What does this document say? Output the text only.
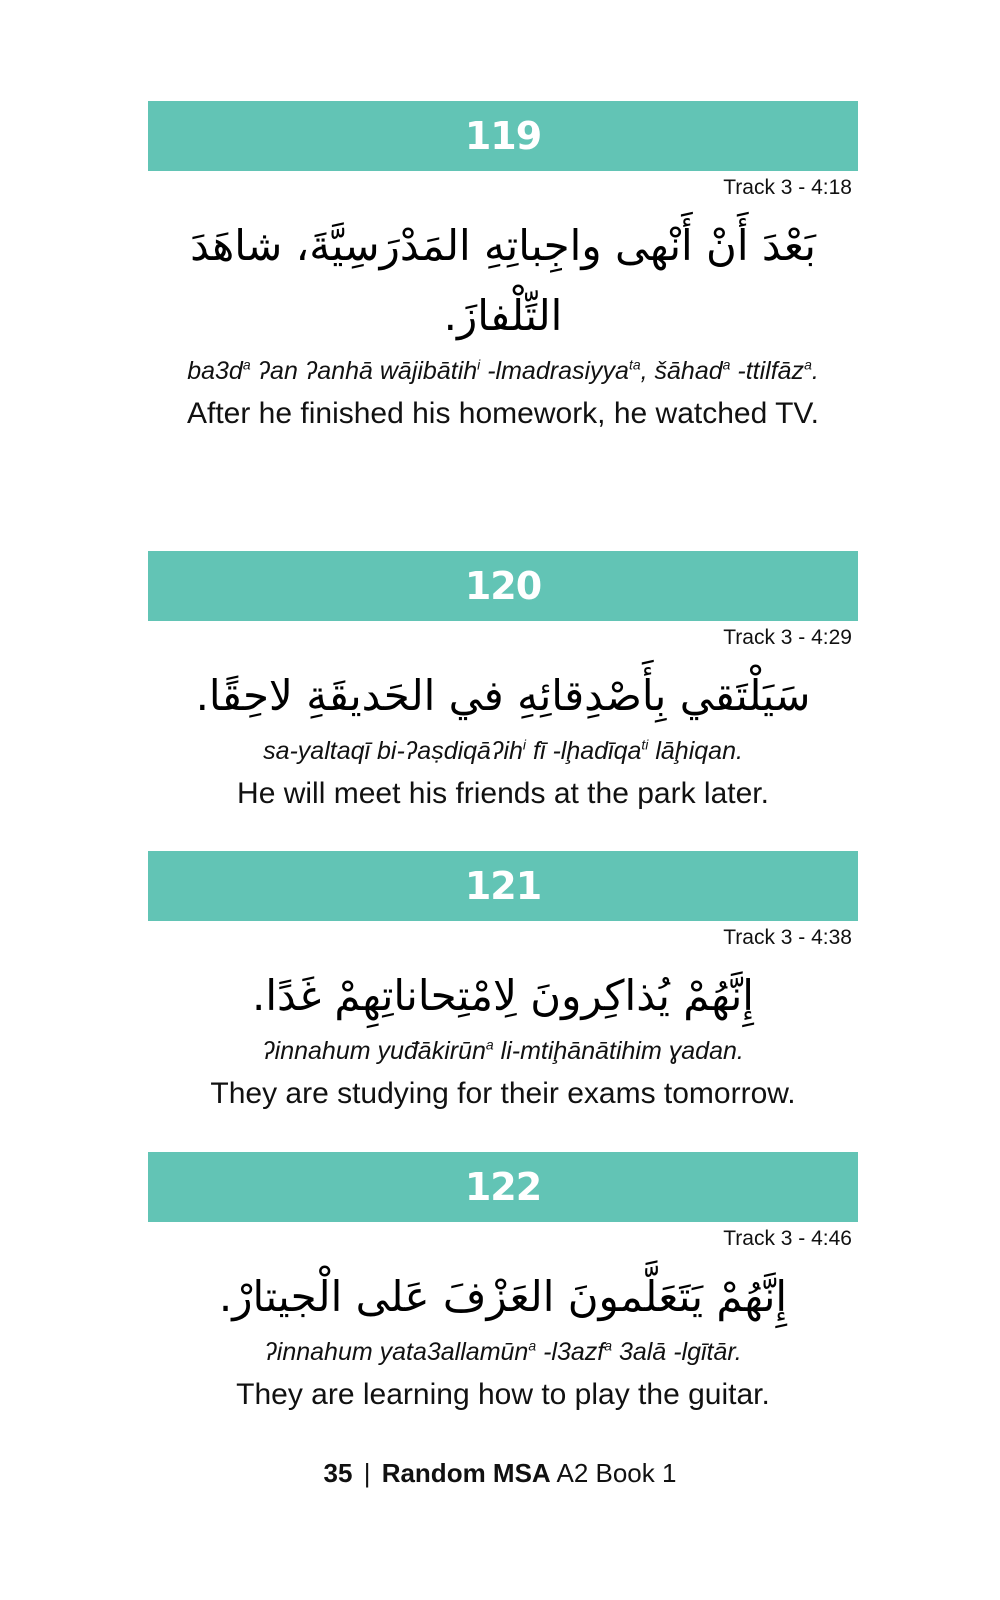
119
Track 3 - 4:18
بَعْدَ أَنْ أَنْهى واجِباتِهِ المَدْرَسِيَّةَ، شاهَدَ التِّلْفازَ.
$ba3d^a$ ʔan ʔanhā wājibātih$^i$ -lmadrasiyya$^{ta}$, šāhad$^a$ -ttilfāz$^a$.
After he finished his homework, he watched TV.
120
Track 3 - 4:29
سَيَلْتَقي بِأَصْدِقائِهِ في الحَديقَةِ لاحِقًا.
sa-yaltaqī bi-ʔaṣdiqāʔih$^i$ fī -lḩadīqa$^{ti}$ lāḩiqan.
He will meet his friends at the park later.
121
Track 3 - 4:38
إِنَّهُمْ يُذاكِرونَ لِامْتِحاناتِهِمْ غَدًا.
ʔinnahum yuđākirūn$^a$ li-mtiḩānātihim ɣadan.
They are studying for their exams tomorrow.
122
Track 3 - 4:46
إِنَّهُمْ يَتَعَلَّمونَ العَزْفَ عَلى الْجيتارْ.
ʔinnahum yata3allamūn$^a$ -l3azf$^a$ 3alā -lgītār.
They are learning how to play the guitar.
35 | Random MSA A2 Book 1
